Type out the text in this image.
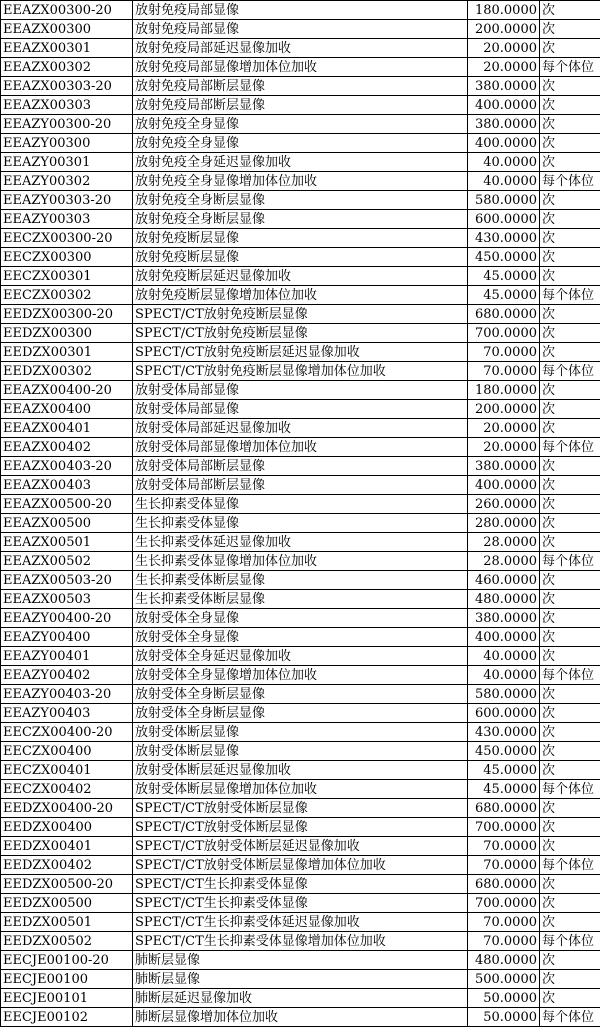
EEAZX00300-20	放射免疫局部显像	180.0000	次
EEAZX00300	放射免疫局部显像	200.0000	次
EEAZX00301	放射免疫局部延迟显像加收	20.0000	次
EEAZX00302	放射免疫局部显像增加体位加收	20.0000	每个体位
EEAZX00303-20	放射免疫局部断层显像	380.0000	次
EEAZX00303	放射免疫局部断层显像	400.0000	次
EEAZY00300-20	放射免疫全身显像	380.0000	次
EEAZY00300	放射免疫全身显像	400.0000	次
EEAZY00301	放射免疫全身延迟显像加收	40.0000	次
EEAZY00302	放射免疫全身显像增加体位加收	40.0000	每个体位
EEAZY00303-20	放射免疫全身断层显像	580.0000	次
EEAZY00303	放射免疫全身断层显像	600.0000	次
EECZX00300-20	放射免疫断层显像	430.0000	次
EECZX00300	放射免疫断层显像	450.0000	次
EECZX00301	放射免疫断层延迟显像加收	45.0000	次
EECZX00302	放射免疫断层显像增加体位加收	45.0000	每个体位
EEDZX00300-20	SPECT/CT放射免疫断层显像	680.0000	次
EEDZX00300	SPECT/CT放射免疫断层显像	700.0000	次
EEDZX00301	SPECT/CT放射免疫断层延迟显像加收	70.0000	次
EEDZX00302	SPECT/CT放射免疫断层显像增加体位加收	70.0000	每个体位
EEAZX00400-20	放射受体局部显像	180.0000	次
EEAZX00400	放射受体局部显像	200.0000	次
EEAZX00401	放射受体局部延迟显像加收	20.0000	次
EEAZX00402	放射受体局部显像增加体位加收	20.0000	每个体位
EEAZX00403-20	放射受体局部断层显像	380.0000	次
EEAZX00403	放射受体局部断层显像	400.0000	次
EEAZX00500-20	生长抑素受体显像	260.0000	次
EEAZX00500	生长抑素受体显像	280.0000	次
EEAZX00501	生长抑素受体延迟显像加收	28.0000	次
EEAZX00502	生长抑素受体显像增加体位加收	28.0000	每个体位
EEAZX00503-20	生长抑素受体断层显像	460.0000	次
EEAZX00503	生长抑素受体断层显像	480.0000	次
EEAZY00400-20	放射受体全身显像	380.0000	次
EEAZY00400	放射受体全身显像	400.0000	次
EEAZY00401	放射受体全身延迟显像加收	40.0000	次
EEAZY00402	放射受体全身显像增加体位加收	40.0000	每个体位
EEAZY00403-20	放射受体全身断层显像	580.0000	次
EEAZY00403	放射受体全身断层显像	600.0000	次
EECZX00400-20	放射受体断层显像	430.0000	次
EECZX00400	放射受体断层显像	450.0000	次
EECZX00401	放射受体断层延迟显像加收	45.0000	次
EECZX00402	放射受体断层显像增加体位加收	45.0000	每个体位
EEDZX00400-20	SPECT/CT放射受体断层显像	680.0000	次
EEDZX00400	SPECT/CT放射受体断层显像	700.0000	次
EEDZX00401	SPECT/CT放射受体断层延迟显像加收	70.0000	次
EEDZX00402	SPECT/CT放射受体断层显像增加体位加收	70.0000	每个体位
EEDZX00500-20	SPECT/CT生长抑素受体显像	680.0000	次
EEDZX00500	SPECT/CT生长抑素受体显像	700.0000	次
EEDZX00501	SPECT/CT生长抑素受体延迟显像加收	70.0000	次
EEDZX00502	SPECT/CT生长抑素受体显像增加体位加收	70.0000	每个体位
EECJE00100-20	肺断层显像	480.0000	次
EECJE00100	肺断层显像	500.0000	次
EECJE00101	肺断层延迟显像加收	50.0000	次
EECJE00102	肺断层显像增加体位加收	50.0000	每个体位
